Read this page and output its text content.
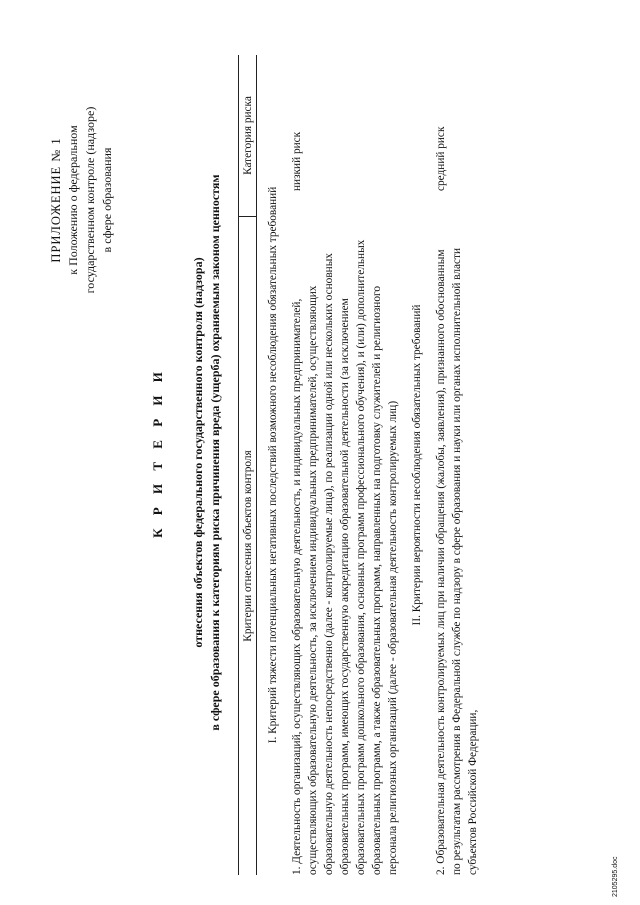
ПРИЛОЖЕНИЕ № 1 к Положению о федеральном государственном контроле (надзоре) в сфере образования
К Р И Т Е Р И И отнесения объектов федерального государственного контроля (надзора) в сфере образования к категориям риска причинения вреда (ущерба) охраняемым законом ценностям Критерии отнесения объектов контроля
Категория риска
I. Критерий тяжести потенциальных негативных последствий возможного несоблюдения обязательных требований 1. Деятельность организаций, осуществляющих образовательную деятельность, и индивидуальных предпринимателей, осуществляющих образовательную деятельность, за исключением индивидуальных предпринимателей, осуществляющих образовательную деятельность непосредственно (далее - контролируемые лица), по реализации одной или нескольких основных образовательных программ, имеющих государственную аккредитацию образовательной деятельности (за исключением образовательных программ дошкольного образования, основных программ профессионального обучения), и (или) дополнительных образовательных программ, а также образовательных программ, направленных на подготовку служителей и религиозного персонала религиозных организаций (далее - образовательная деятельность контролируемых лиц)
низкий риск
II. Критерии вероятности несоблюдения обязательных требований 2. Образовательная деятельность контролируемых лиц при наличии обращения (жалобы, заявления), признанного обоснованным по результатам рассмотрения в Федеральной службе по надзору в сфере образования и науки или органах исполнительной власти субъектов Российской Федерации,
средний риск
2105295.doc
